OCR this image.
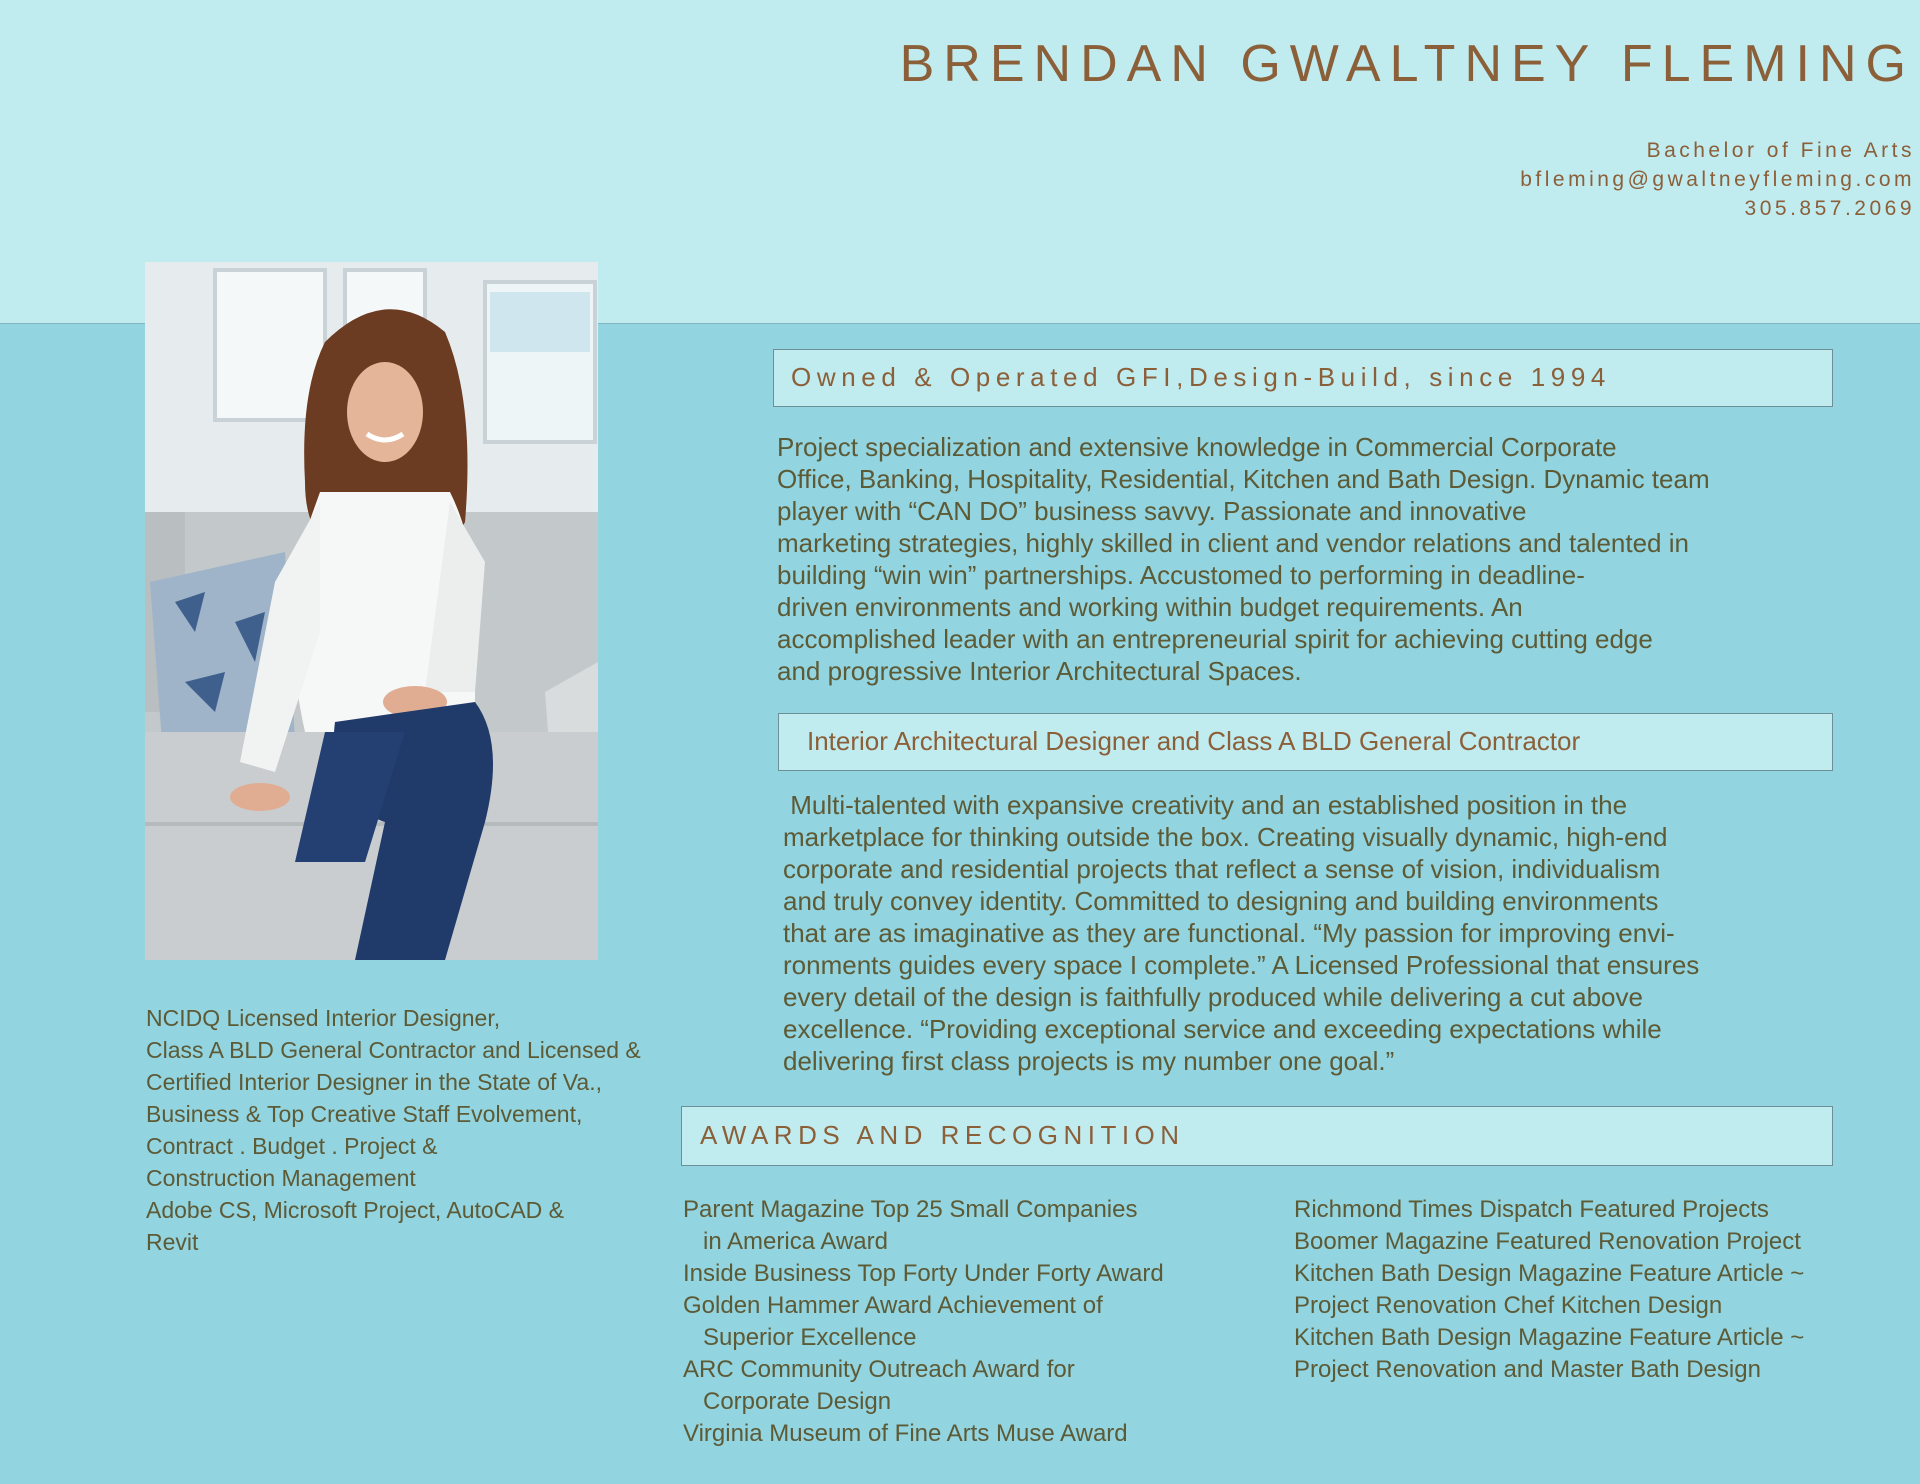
BRENDAN GWALTNEY FLEMING
Bachelor of Fine Arts
bfleming@gwaltneyfleming.com
305.857.2069
NCIDQ Licensed Interior Designer,
Class A BLD General Contractor and Licensed &
Certified Interior Designer in the State of Va.,
Business & Top Creative Staff Evolvement,
Contract . Budget . Project &
Construction Management
Adobe CS, Microsoft Project, AutoCAD &
Revit
Owned & Operated GFI,Design-Build, since 1994
Project specialization and extensive knowledge in Commercial Corporate
Office, Banking, Hospitality, Residential, Kitchen and Bath Design. Dynamic team
player with “CAN DO” business savvy. Passionate and innovative
marketing strategies, highly skilled in client and vendor relations and talented in
building “win win” partnerships. Accustomed to performing in deadline-
driven environments and working within budget requirements. An
accomplished leader with an entrepreneurial spirit for achieving cutting edge
and progressive Interior Architectural Spaces.
Interior Architectural Designer and Class A BLD General Contractor
Multi-talented with expansive creativity and an established position in the
marketplace for thinking outside the box. Creating visually dynamic, high-end
corporate and residential projects that reflect a sense of vision, individualism
and truly convey identity. Committed to designing and building environments
that are as imaginative as they are functional. “My passion for improving envi-
ronments guides every space I complete.” A Licensed Professional that ensures
every detail of the design is faithfully produced while delivering a cut above
excellence. “Providing exceptional service and exceeding expectations while
delivering first class projects is my number one goal.”
AWARDS AND RECOGNITION
Parent Magazine Top 25 Small Companies
in America Award
Inside Business Top Forty Under Forty Award
Golden Hammer Award Achievement of
Superior Excellence
ARC Community Outreach Award for
Corporate Design
Virginia Museum of Fine Arts Muse Award
Richmond Times Dispatch Featured Projects
Boomer Magazine Featured Renovation Project
Kitchen Bath Design Magazine Feature Article ~
Project Renovation Chef Kitchen Design
Kitchen Bath Design Magazine Feature Article ~
Project Renovation and Master Bath Design
